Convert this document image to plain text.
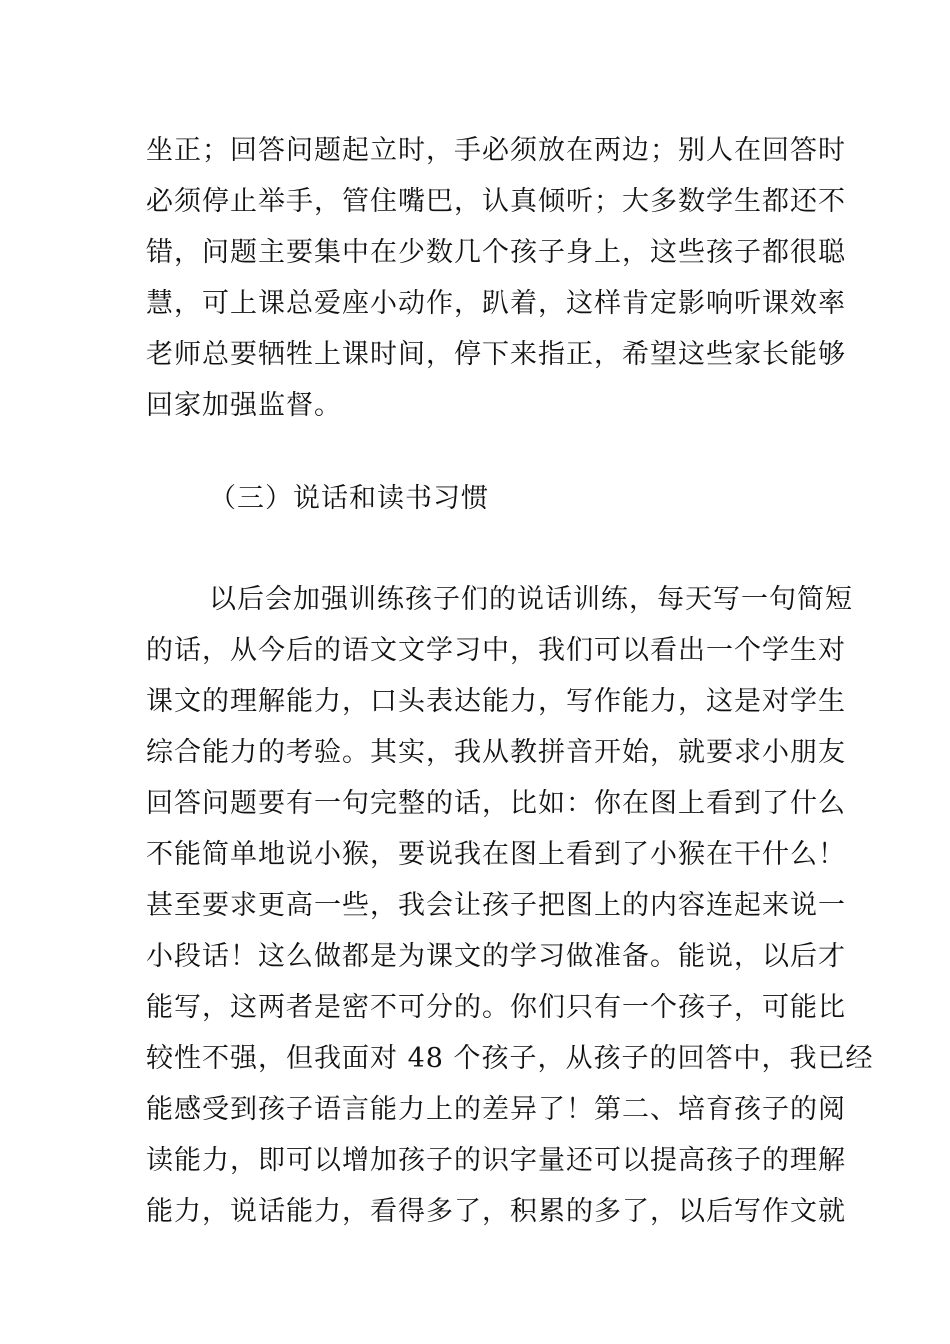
坐正；回答问题起立时，手必须放在两边；别人在回答时
必须停止举手，管住嘴巴，认真倾听；大多数学生都还不
错，问题主要集中在少数几个孩子身上，这些孩子都很聪
慧，可上课总爱座小动作，趴着，这样肯定影响听课效率
老师总要牺牲上课时间，停下来指正，希望这些家长能够
回家加强监督。
（三）说话和读书习惯
以后会加强训练孩子们的说话训练，每天写一句简短
的话，从今后的语文文学习中，我们可以看出一个学生对
课文的理解能力，口头表达能力，写作能力，这是对学生
综合能力的考验。其实，我从教拼音开始，就要求小朋友
回答问题要有一句完整的话，比如：你在图上看到了什么
不能简单地说小猴，要说我在图上看到了小猴在干什么！
甚至要求更高一些，我会让孩子把图上的内容连起来说一
小段话！这么做都是为课文的学习做准备。能说，以后才
能写，这两者是密不可分的。你们只有一个孩子，可能比
较性不强，但我面对 48 个孩子，从孩子的回答中，我已经
能感受到孩子语言能力上的差异了！第二、培育孩子的阅
读能力，即可以增加孩子的识字量还可以提高孩子的理解
能力，说话能力，看得多了，积累的多了，以后写作文就
